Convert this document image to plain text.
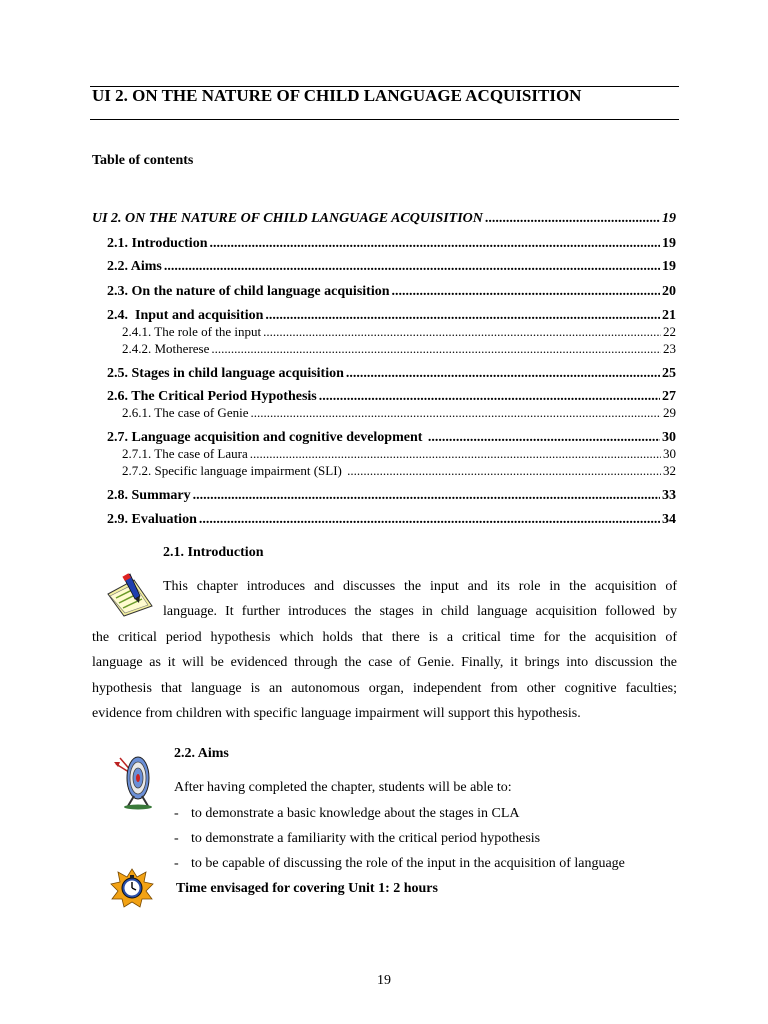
UI 2. ON THE NATURE OF CHILD LANGUAGE ACQUISITION
Table of contents
UI 2. ON THE NATURE OF CHILD LANGUAGE ACQUISITION .....	19
2.1. Introduction .....	19
2.2. Aims .....	19
2.3. On the nature of child language acquisition .....	20
2.4.  Input and acquisition .....	21
2.4.1. The role of the input .....	22
2.4.2. Motherese .....	23
2.5. Stages in child language acquisition .....	25
2.6. The Critical Period Hypothesis .....	27
2.6.1. The case of Genie .....	29
2.7. Language acquisition and cognitive development .....	30
2.7.1. The case of Laura .....	30
2.7.2. Specific language impairment (SLI) .....	32
2.8. Summary .....	33
2.9. Evaluation .....	34
2.1. Introduction
This chapter introduces and discusses the input and its role in the acquisition of
language. It further introduces the stages in child language acquisition followed by
the critical period hypothesis which holds that there is a critical time for the acquisition of
language as it will be evidenced through the case of Genie. Finally, it brings into discussion the
hypothesis that language is an autonomous organ, independent from other cognitive faculties;
evidence from children with specific language impairment will support this hypothesis.
2.2. Aims

After having completed the chapter, students will be able to:

- to demonstrate a basic knowledge about the stages in CLA
- to demonstrate a familiarity with the critical period hypothesis
- to be capable of discussing the role of the input in the acquisition of language

Time envisaged for covering Unit 1: 2 hours

19
